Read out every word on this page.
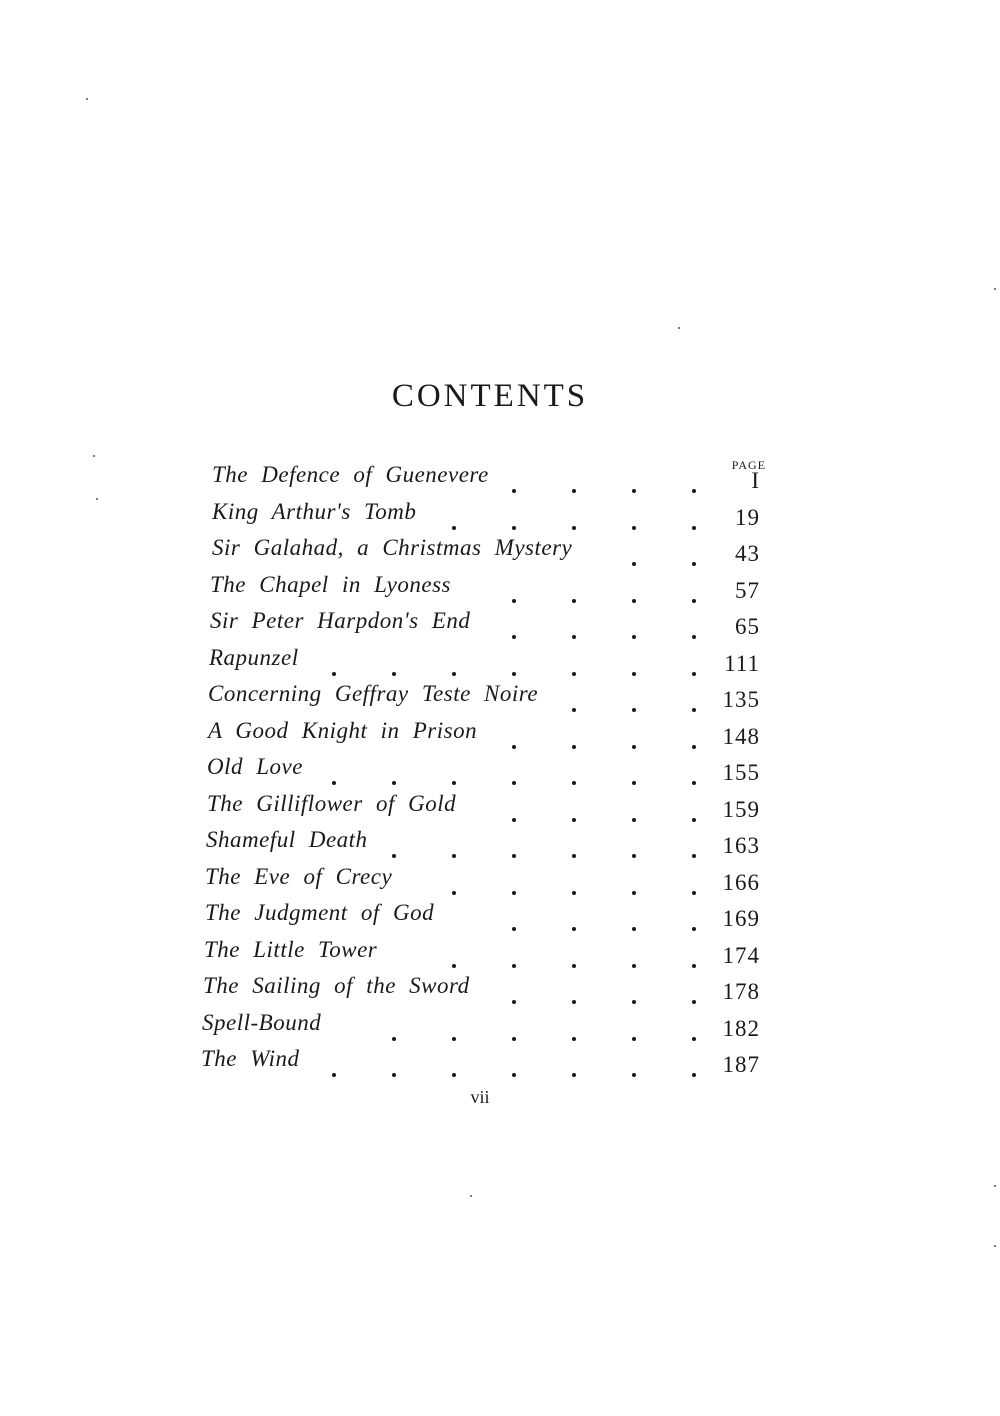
CONTENTS
PAGE
The Defence of Guenevere	I
King Arthur's Tomb	19
Sir Galahad, a Christmas Mystery	43
The Chapel in Lyoness	57
Sir Peter Harpdon's End	65
Rapunzel	111
Concerning Geffray Teste Noire	135
A Good Knight in Prison	148
Old Love	155
The Gilliflower of Gold	159
Shameful Death	163
The Eve of Crecy	166
The Judgment of God	169
The Little Tower	174
The Sailing of the Sword	178
Spell-Bound	182
The Wind	187
vii
